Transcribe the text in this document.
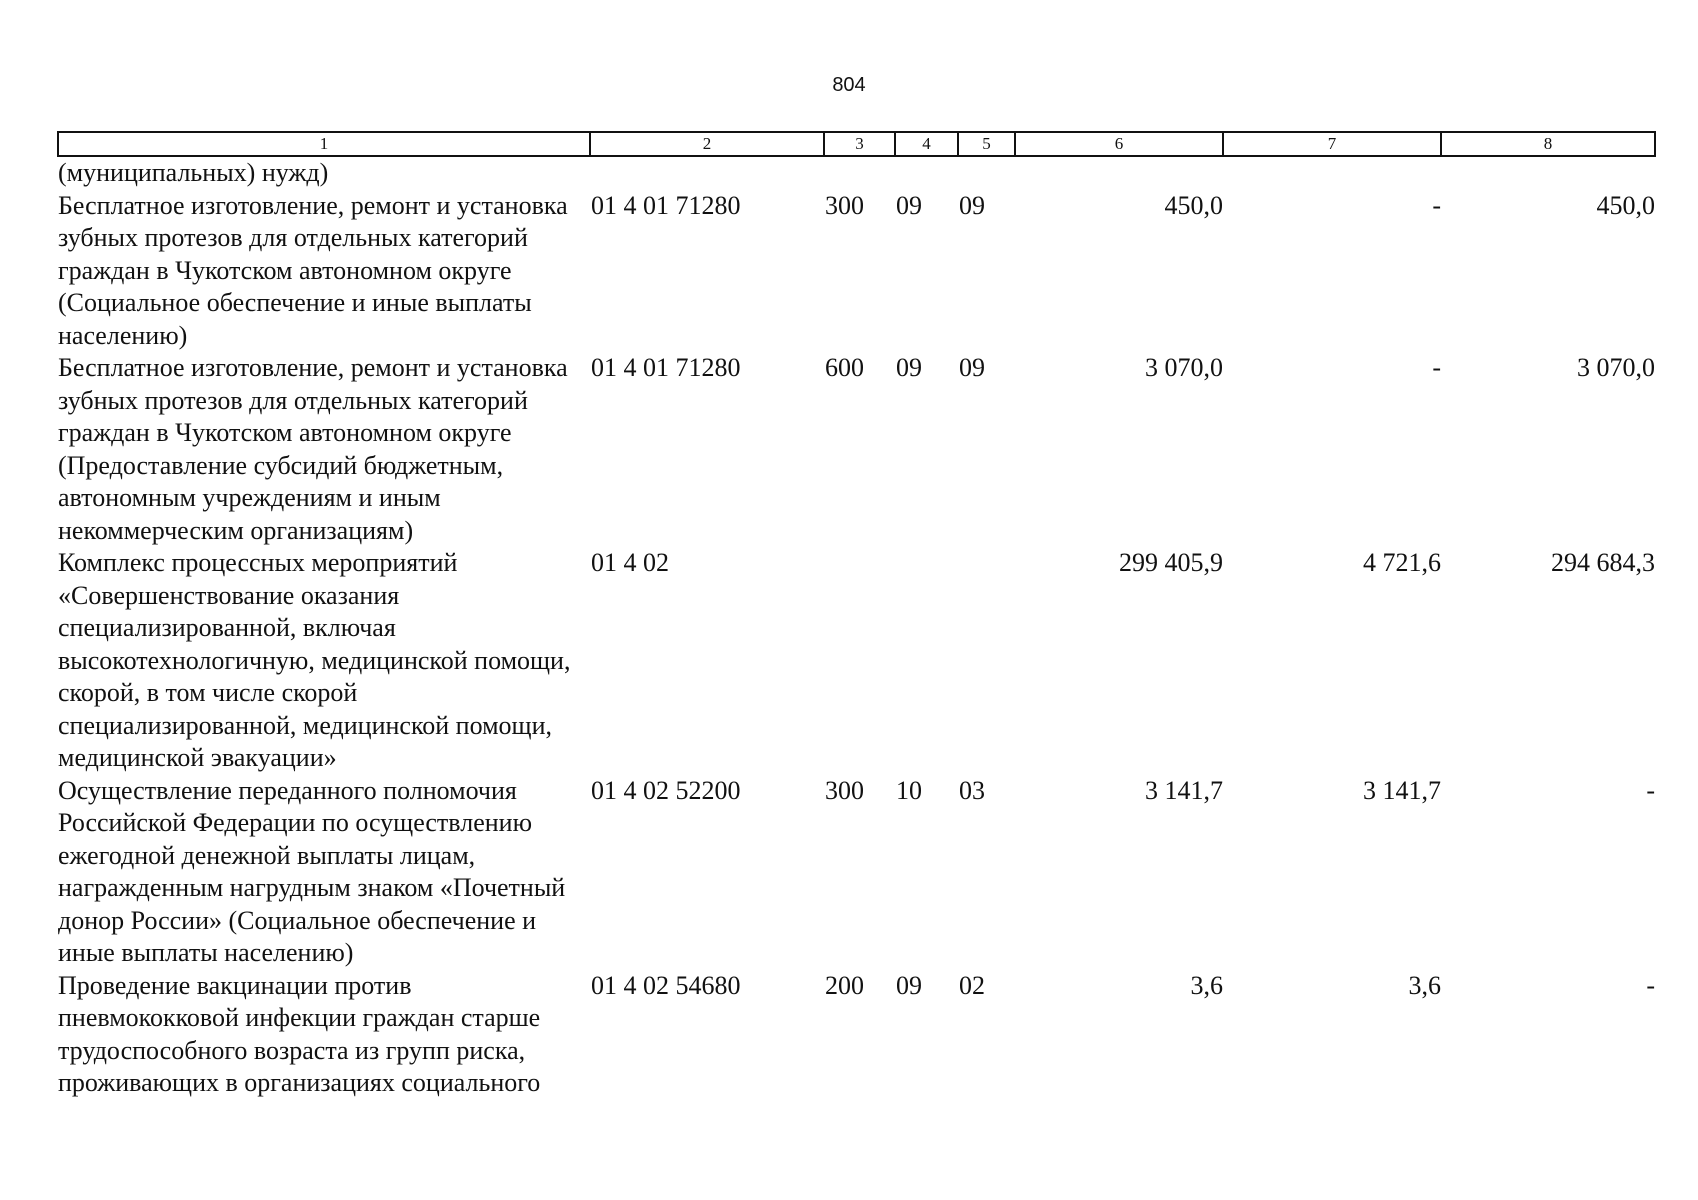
804
1	2	3	4	5	6	7	8
(муниципальных) нужд)							
Бесплатное изготовление, ремонт и установка зубных протезов для отдельных категорий граждан в Чукотском автономном округе (Социальное обеспечение и иные выплаты населению)	01 4 01 71280	300	09	09	450,0	-	450,0
Бесплатное изготовление, ремонт и установка зубных протезов для отдельных категорий граждан в Чукотском автономном округе (Предоставление субсидий бюджетным, автономным учреждениям и иным некоммерческим организациям)	01 4 01 71280	600	09	09	3 070,0	-	3 070,0
Комплекс процессных мероприятий «Совершенствование оказания специализированной, включая высокотехнологичную, медицинской помощи, скорой, в том числе скорой специализированной, медицинской помощи, медицинской эвакуации»	01 4 02				299 405,9	4 721,6	294 684,3
Осуществление переданного полномочия Российской Федерации по осуществлению ежегодной денежной выплаты лицам, награжденным нагрудным знаком «Почетный донор России» (Социальное обеспечение и иные выплаты населению)	01 4 02 52200	300	10	03	3 141,7	3 141,7	-
Проведение вакцинации против пневмококковой инфекции граждан старше трудоспособного возраста из групп риска, проживающих в организациях социального	01 4 02 54680	200	09	02	3,6	3,6	-
